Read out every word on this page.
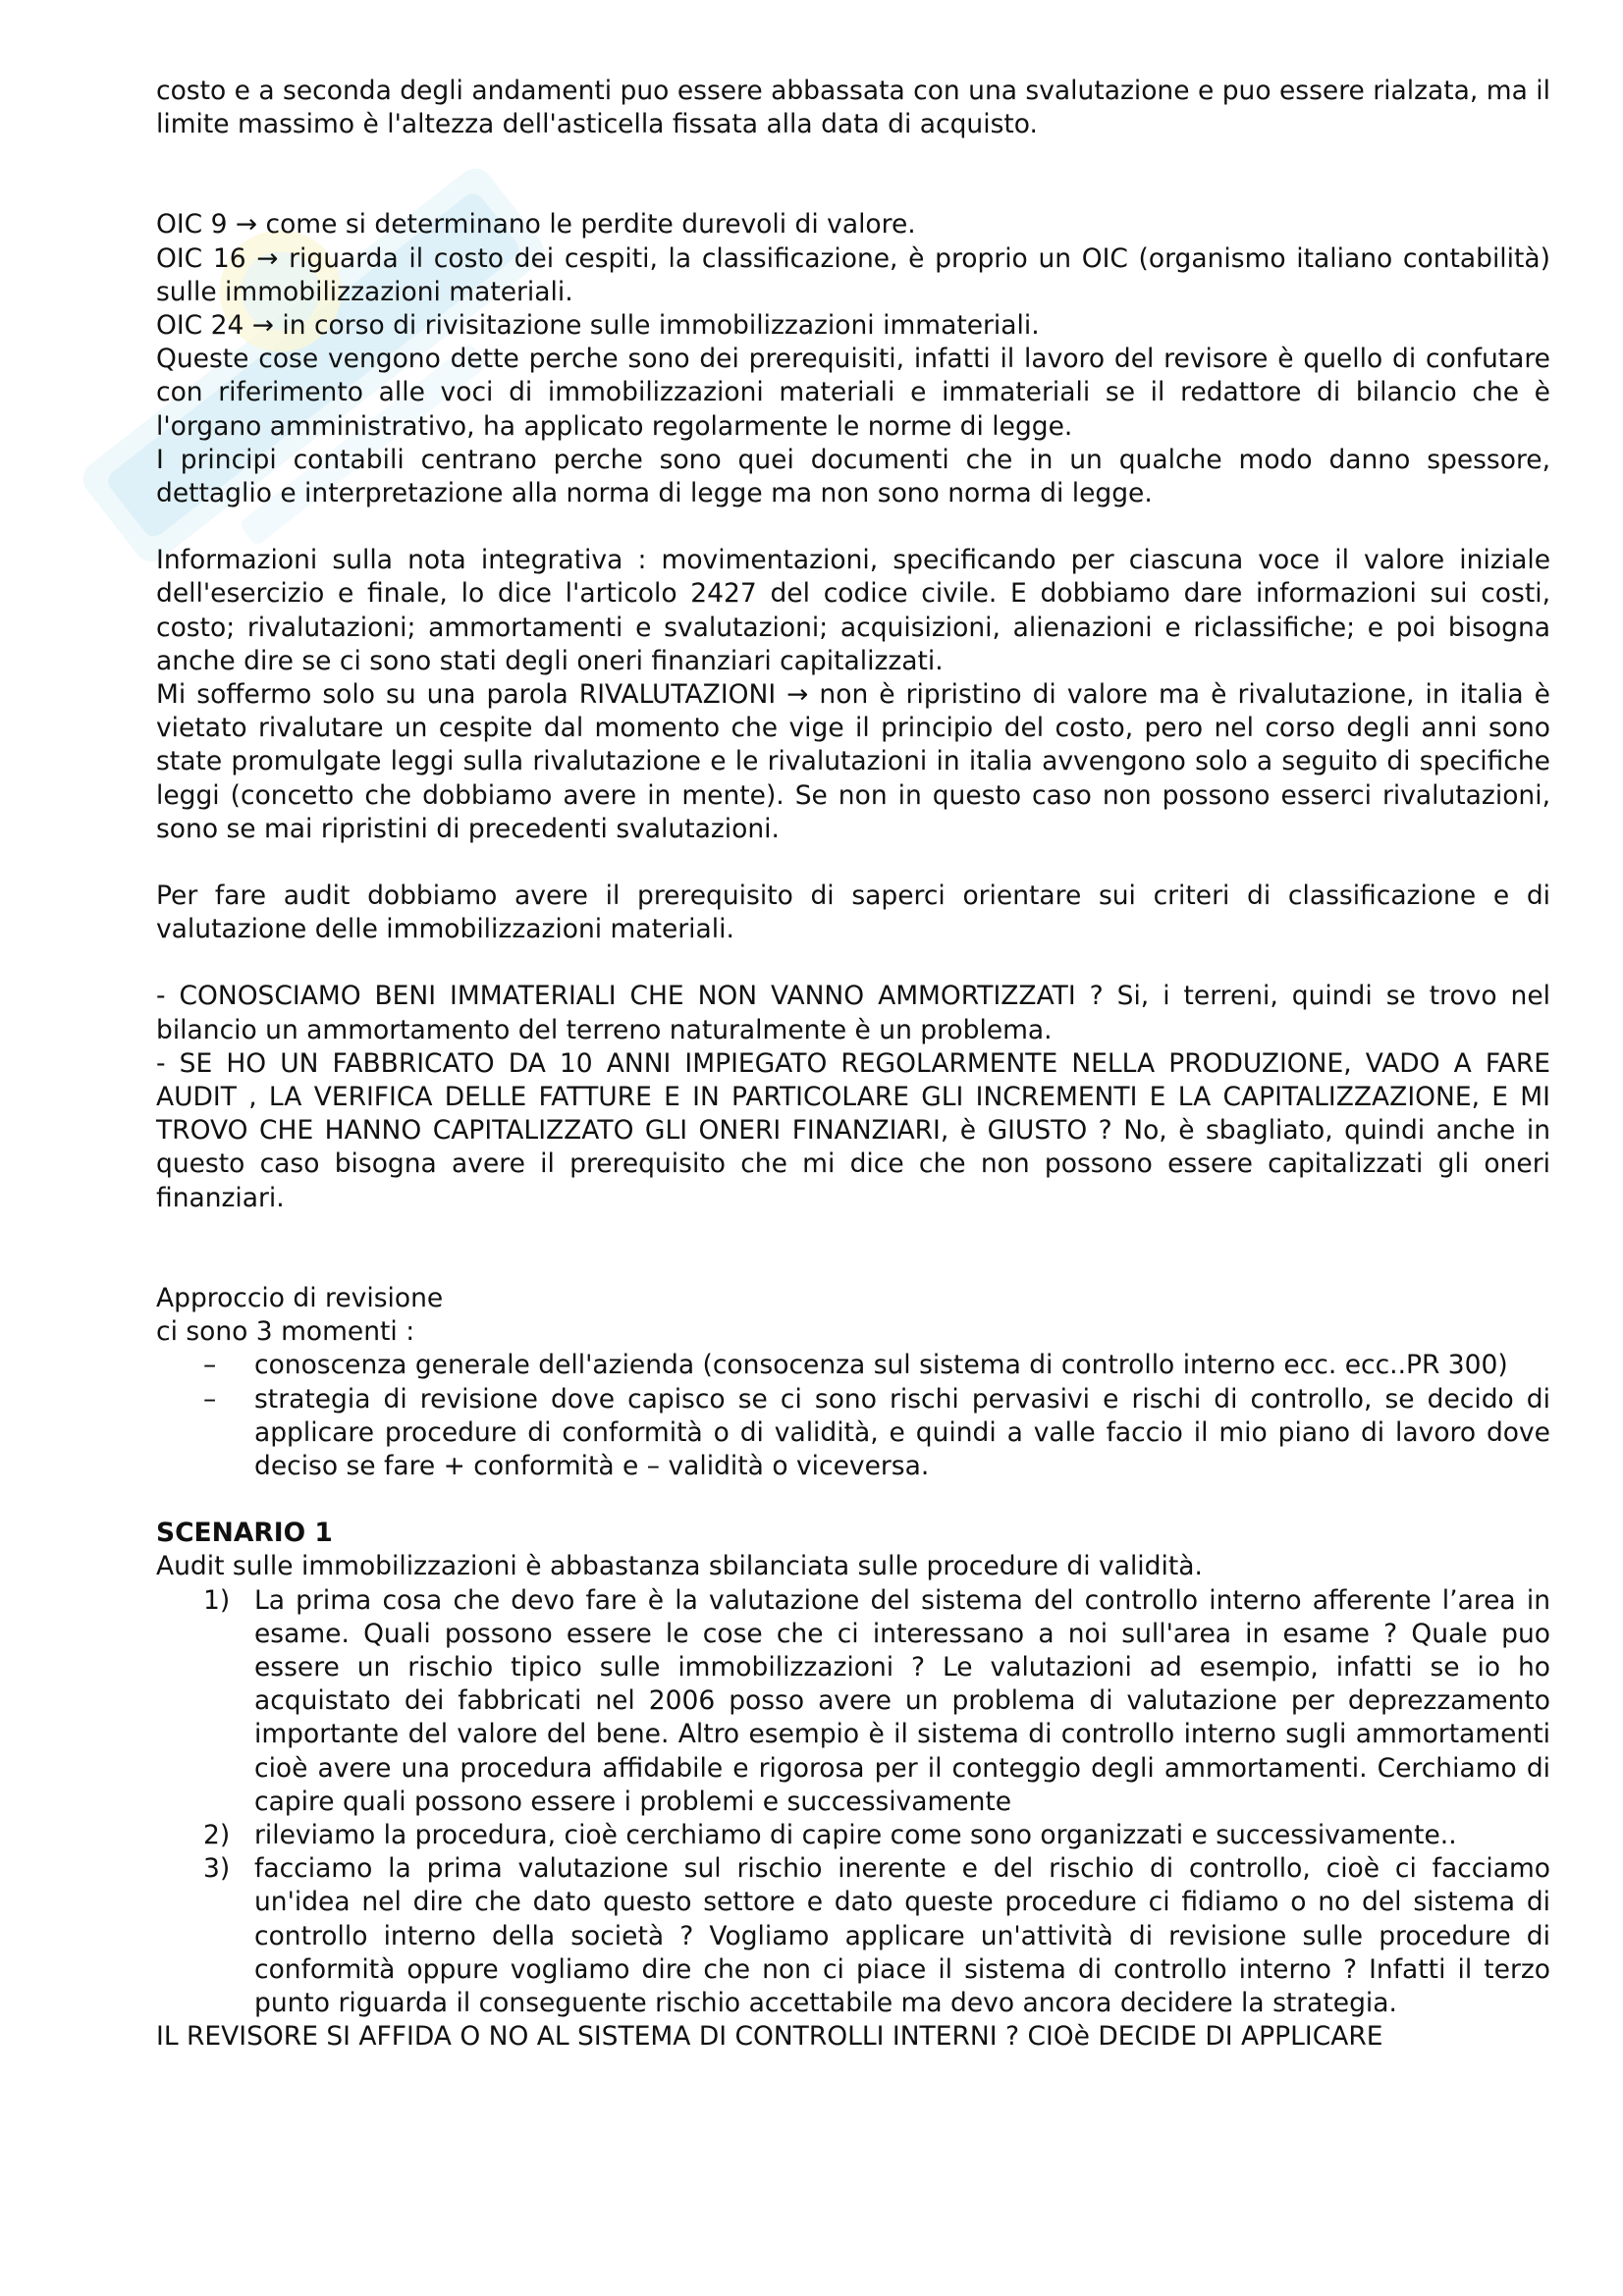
costo e a seconda degli andamenti puo essere abbassata con una svalutazione e puo essere rialzata, ma il limite massimo è l'altezza dell'asticella fissata alla data di acquisto.

OIC 9 → come si determinano le perdite durevoli di valore.

OIC 16 → riguarda il costo dei cespiti, la classificazione, è proprio un OIC (organismo italiano contabilità) sulle immobilizzazioni materiali.

OIC 24 → in corso di rivisitazione sulle immobilizzazioni immateriali.

Queste cose vengono dette perche sono dei prerequisiti, infatti il lavoro del revisore è quello di confutare con riferimento alle voci di immobilizzazioni materiali e immateriali se il redattore di bilancio che è l'organo amministrativo, ha applicato regolarmente le norme di legge.

I principi contabili centrano perche sono quei documenti che in un qualche modo danno spessore, dettaglio e interpretazione alla norma di legge ma non sono norma di legge.

Informazioni sulla nota integrativa : movimentazioni, specificando per ciascuna voce il valore iniziale dell'esercizio e finale, lo dice l'articolo 2427 del codice civile. E dobbiamo dare informazioni sui costi, costo; rivalutazioni; ammortamenti e svalutazioni; acquisizioni, alienazioni e riclassifiche; e poi bisogna anche dire se ci sono stati degli oneri finanziari capitalizzati.

Mi soffermo solo su una parola RIVALUTAZIONI → non è ripristino di valore ma è rivalutazione, in italia è vietato rivalutare un cespite dal momento che vige il principio del costo, pero nel corso degli anni sono state promulgate leggi sulla rivalutazione e le rivalutazioni in italia avvengono solo a seguito di specifiche leggi (concetto che dobbiamo avere in mente). Se non in questo caso non possono esserci rivalutazioni, sono se mai ripristini di precedenti svalutazioni.

Per fare audit dobbiamo avere il prerequisito di saperci orientare sui criteri di classificazione e di valutazione delle immobilizzazioni materiali.

- CONOSCIAMO BENI IMMATERIALI CHE NON VANNO AMMORTIZZATI ? Si, i terreni, quindi se trovo nel bilancio un ammortamento del terreno naturalmente è un problema.

- SE HO UN FABBRICATO DA 10 ANNI IMPIEGATO REGOLARMENTE NELLA PRODUZIONE, VADO A FARE AUDIT , LA VERIFICA DELLE FATTURE E IN PARTICOLARE GLI INCREMENTI E LA CAPITALIZZAZIONE, E MI TROVO CHE HANNO CAPITALIZZATO GLI ONERI FINANZIARI, è GIUSTO ? No, è sbagliato, quindi anche in questo caso bisogna avere il prerequisito che mi dice che non possono essere capitalizzati gli oneri finanziari.

Approccio di revisione

ci sono 3 momenti :

– conoscenza generale dell'azienda (consocenza sul sistema di controllo interno ecc. ecc..PR 300)
– strategia di revisione dove capisco se ci sono rischi pervasivi e rischi di controllo, se decido di applicare procedure di conformità o di validità, e quindi a valle faccio il mio piano di lavoro dove deciso se fare + conformità e – validità o viceversa.

SCENARIO 1

Audit sulle immobilizzazioni è abbastanza sbilanciata sulle procedure di validità.

1) La prima cosa che devo fare è la valutazione del sistema del controllo interno afferente l’area in esame. Quali possono essere le cose che ci interessano a noi sull'area in esame ? Quale puo essere un rischio tipico sulle immobilizzazioni ? Le valutazioni ad esempio, infatti se io ho acquistato dei fabbricati nel 2006 posso avere un problema di valutazione per deprezzamento importante del valore del bene. Altro esempio è il sistema di controllo interno sugli ammortamenti cioè avere una procedura affidabile e rigorosa per il conteggio degli ammortamenti. Cerchiamo di capire quali possono essere i problemi e successivamente
2) rileviamo la procedura, cioè cerchiamo di capire come sono organizzati e successivamente..
3) facciamo la prima valutazione sul rischio inerente e del rischio di controllo, cioè ci facciamo un'idea nel dire che dato questo settore e dato queste procedure ci fidiamo o no del sistema di controllo interno della società ? Vogliamo applicare un'attività di revisione sulle procedure di conformità oppure vogliamo dire che non ci piace il sistema di controllo interno ? Infatti il terzo punto riguarda il conseguente rischio accettabile ma devo ancora decidere la strategia.

IL REVISORE SI AFFIDA O NO AL SISTEMA DI CONTROLLI INTERNI ? CIOè DECIDE DI APPLICARE
